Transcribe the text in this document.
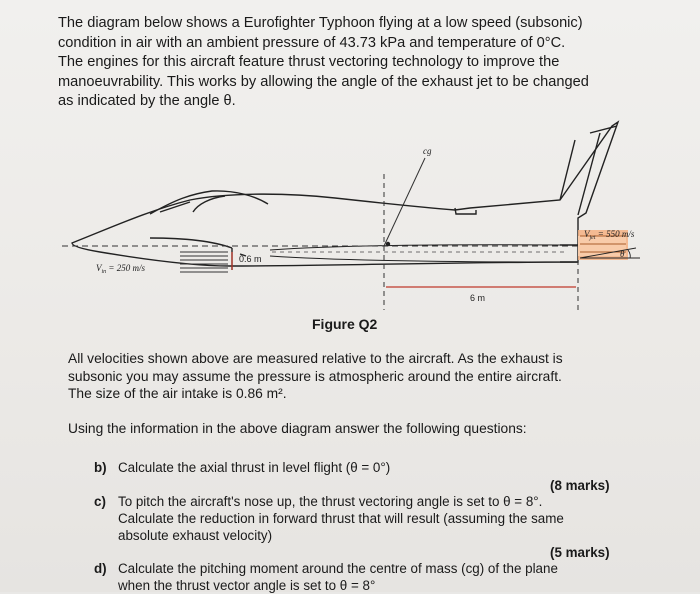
The diagram below shows a Eurofighter Typhoon flying at a low speed (subsonic)
condition in air with an ambient pressure of 43.73 kPa and temperature of 0°C.
The engines for this aircraft feature thrust vectoring technology to improve the
manoeuvrability. This works by allowing the angle of the exhaust jet to be changed
as indicated by the angle θ.
0.6 m
$V_{in} = 250$ m/s
$V_{jet} = 550$ m/s
θ
cg
6 m
Figure Q2
All velocities shown above are measured relative to the aircraft. As the exhaust is
subsonic you may assume the pressure is atmospheric around the entire aircraft.
The size of the air intake is 0.86 m².
Using the information in the above diagram answer the following questions:
b) Calculate the axial thrust in level flight (θ = 0°)
(8 marks)
c) To pitch the aircraft's nose up, the thrust vectoring angle is set to θ = 8°.
Calculate the reduction in forward thrust that will result (assuming the same
absolute exhaust velocity)
(5 marks)
d) Calculate the pitching moment around the centre of mass (cg) of the plane
when the thrust vector angle is set to θ = 8°
